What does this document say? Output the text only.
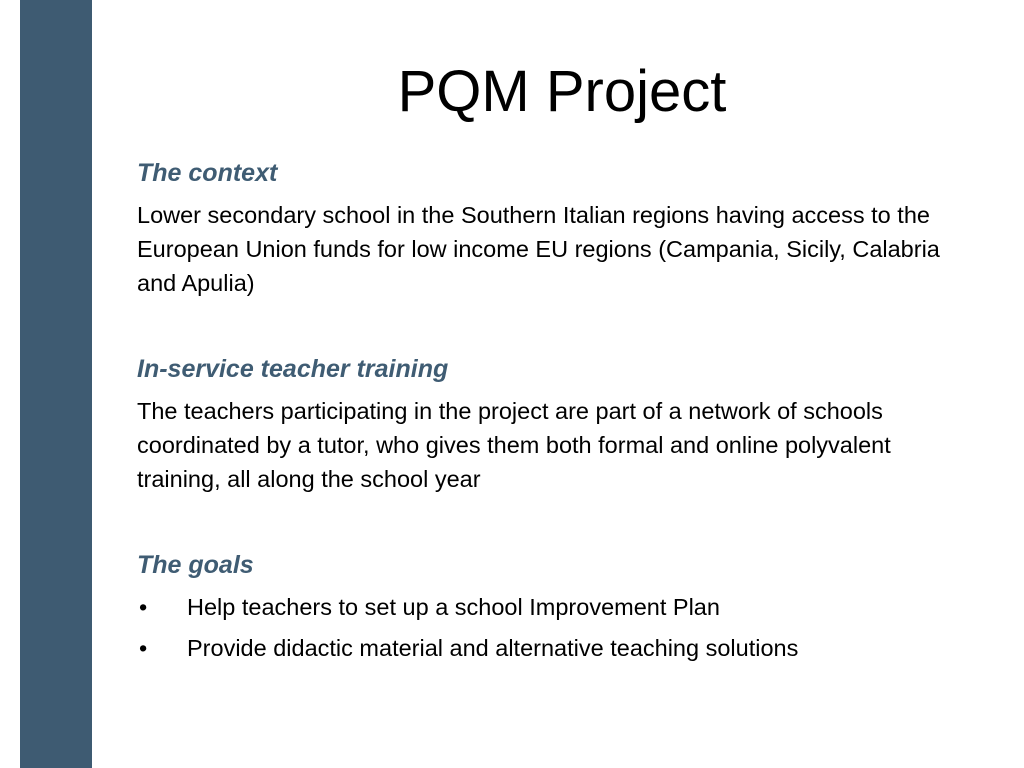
PQM Project
The context

Lower secondary school in the Southern Italian regions having access to the European Union funds for low income EU regions (Campania, Sicily, Calabria and Apulia)

In-service teacher training

The teachers participating in the project are part of a network of schools coordinated by a tutor, who gives them both formal and online polyvalent training, all along the school year

The goals
• Help teachers to set up a school Improvement Plan
• Provide didactic material and alternative teaching solutions
